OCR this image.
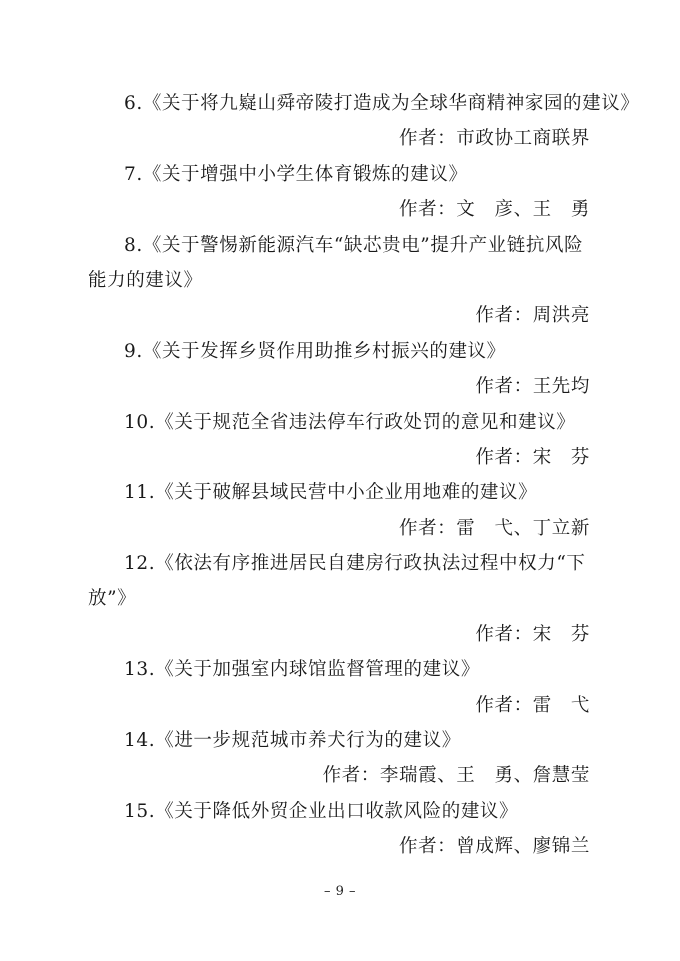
6.《关于将九嶷山舜帝陵打造成为全球华商精神家园的建议》
作者：市政协工商联界
7.《关于增强中小学生体育锻炼的建议》
作者：文　彦、王　勇
8.《关于警惕新能源汽车“缺芯贵电”提升产业链抗风险
能力的建议》
作者：周洪亮
9.《关于发挥乡贤作用助推乡村振兴的建议》
作者：王先均
10.《关于规范全省违法停车行政处罚的意见和建议》
作者：宋　芬
11.《关于破解县域民营中小企业用地难的建议》
作者：雷　弋、丁立新
12.《依法有序推进居民自建房行政执法过程中权力“下
放”》
作者：宋　芬
13.《关于加强室内球馆监督管理的建议》
作者：雷　弋
14.《进一步规范城市养犬行为的建议》
作者：李瑞霞、王　勇、詹慧莹
15.《关于降低外贸企业出口收款风险的建议》
作者：曾成辉、廖锦兰
– 9 –
